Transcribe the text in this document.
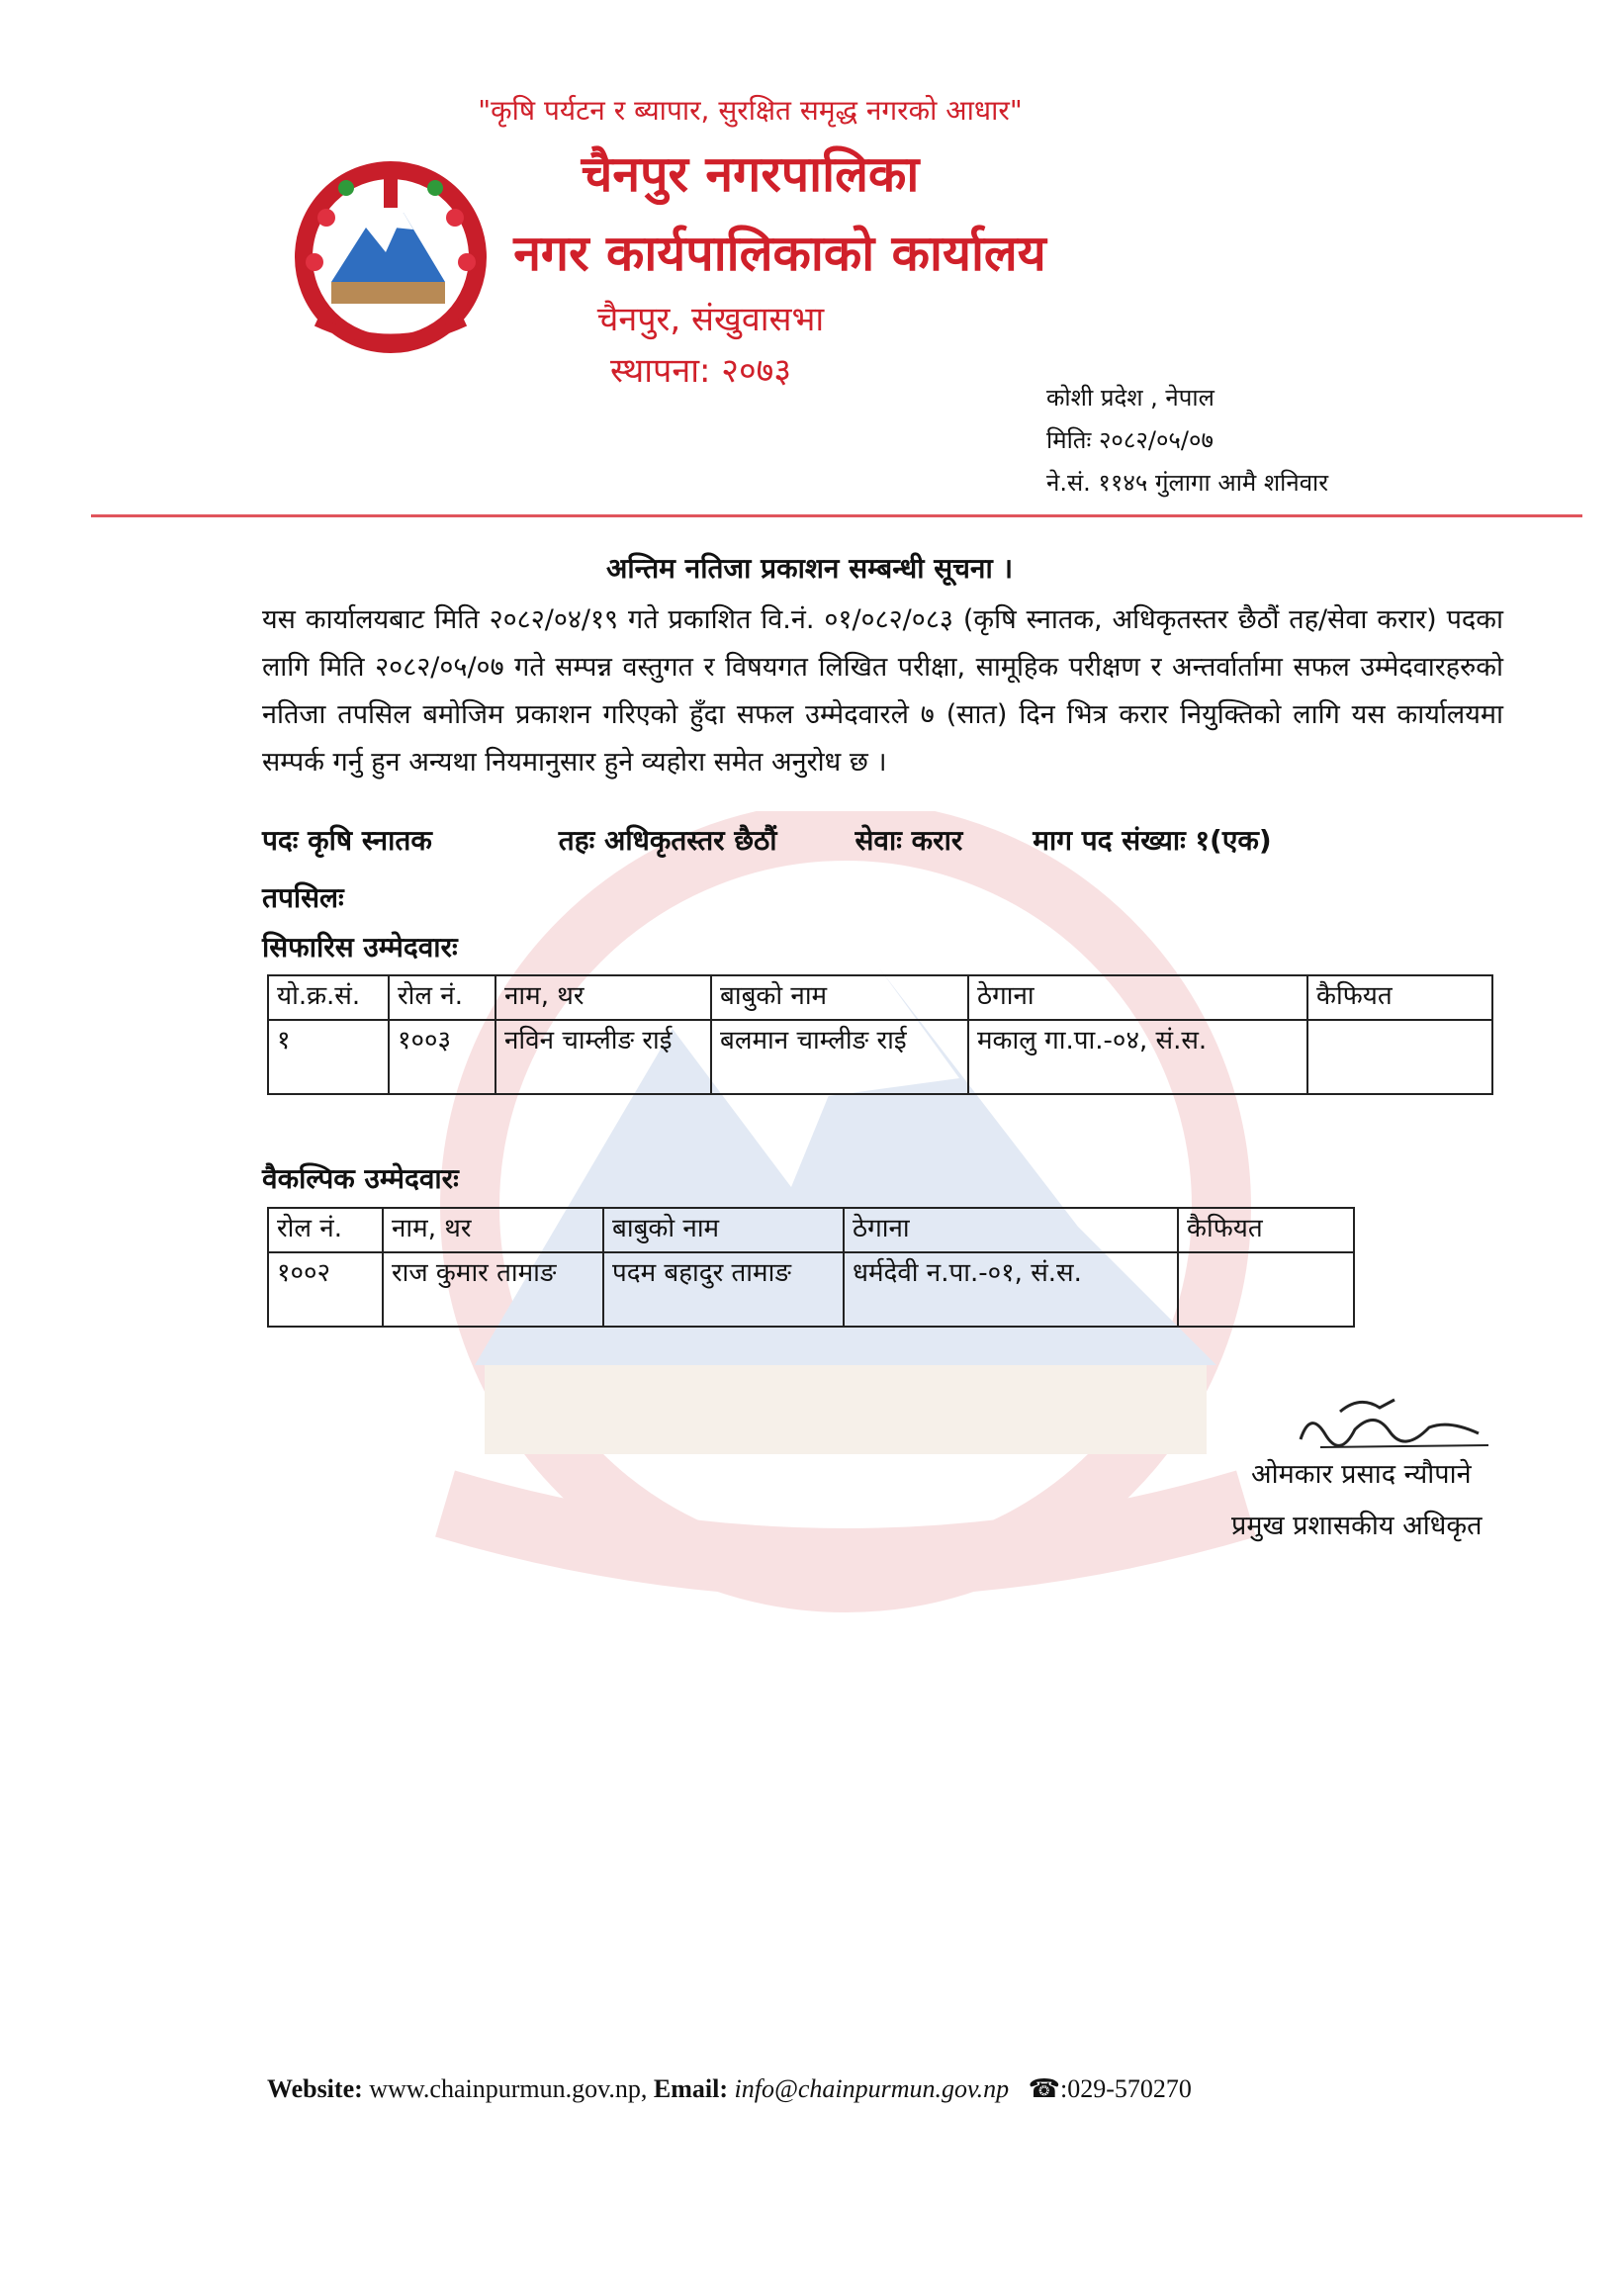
"कृषि पर्यटन र ब्यापार, सुरक्षित समृद्ध नगरको आधार"
चैनपुर नगरपालिका
नगर कार्यपालिकाको कार्यालय
चैनपुर, संखुवासभा
स्थापना: २०७३
कोशी प्रदेश , नेपाल
मितिः २०८२/०५/०७
ने.सं. ११४५ गुंलागा आमै शनिवार
अन्तिम नतिजा प्रकाशन सम्बन्धी सूचना ।
यस कार्यालयबाट मिति २०८२/०४/१९ गते प्रकाशित वि.नं. ०१/०८२/०८३ (कृषि स्नातक, अधिकृतस्तर छैठौं तह/सेवा करार) पदका लागि मिति २०८२/०५/०७ गते सम्पन्न वस्तुगत र विषयगत लिखित परीक्षा, सामूहिक परीक्षण र अन्तर्वार्तामा सफल उम्मेदवारहरुको नतिजा तपसिल बमोजिम प्रकाशन गरिएको हुँदा सफल उम्मेदवारले ७ (सात) दिन भित्र करार नियुक्तिको लागि यस कार्यालयमा सम्पर्क गर्नु हुन अन्यथा नियमानुसार हुने व्यहोरा समेत अनुरोध छ ।
पदः कृषि स्नातक	तहः अधिकृतस्तर छैठौं	सेवाः करार	माग पद संख्याः १(एक)
तपसिलः
सिफारिस उम्मेदवारः
यो.क्र.सं.	रोल नं.	नाम, थर	बाबुको नाम	ठेगाना	कैफियत
१	१००३	नविन चाम्लीङ राई	बलमान चाम्लीङ राई	मकालु गा.पा.-०४, सं.स.	
वैकल्पिक उम्मेदवारः
रोल नं.	नाम, थर	बाबुको नाम	ठेगाना	कैफियत
१००२	राज कुमार तामाङ	पदम बहादुर तामाङ	धर्मदेवी न.पा.-०१, सं.स.	
ओमकार प्रसाद न्यौपाने
प्रमुख प्रशासकीय अधिकृत
Website: www.chainpurmun.gov.np, Email: info@chainpurmun.gov.np ☎:029-570270
